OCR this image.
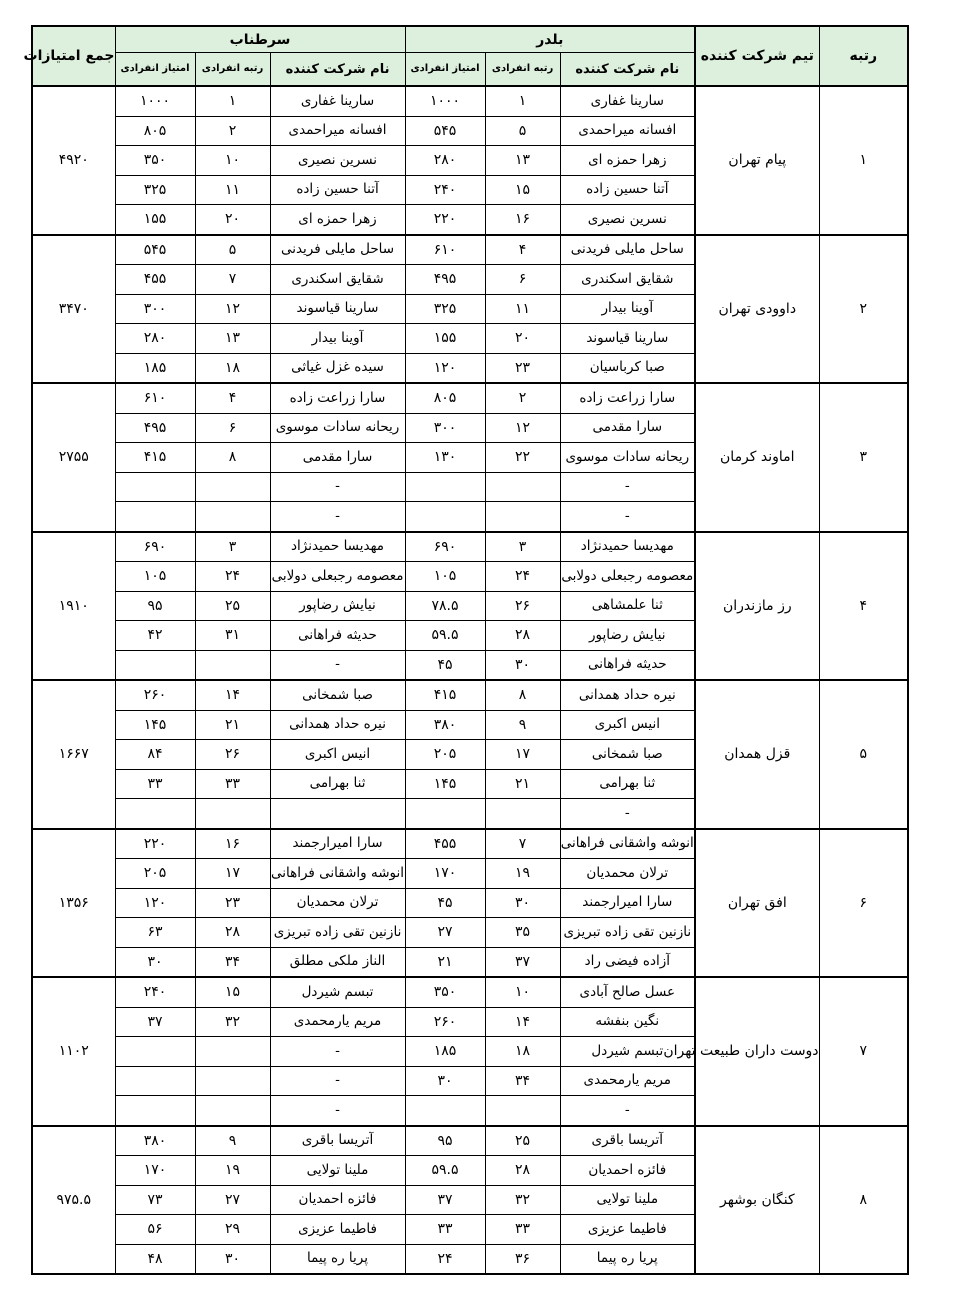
رتبه	تیم شرکت کننده	بلدر			سرطناب			جمع امتیازات
		نام شرکت کننده	رتبه انفرادی	امتیاز انفرادی	نام شرکت کننده	رتبه انفرادی	امتیاز انفرادی	
۱	پیام تهران	سارینا غفاری	۱	۱۰۰۰	سارینا غفاری	۱	۱۰۰۰	۴۹۲۰
		افسانه میراحمدی	۵	۵۴۵	افسانه میراحمدی	۲	۸۰۵	
		زهرا حمزه ای	۱۳	۲۸۰	نسرین نصیری	۱۰	۳۵۰	
		آتنا حسین زاده	۱۵	۲۴۰	آتنا حسین زاده	۱۱	۳۲۵	
		نسرین نصیری	۱۶	۲۲۰	زهرا حمزه ای	۲۰	۱۵۵	
۲	داوودی تهران	ساحل مایلی فریدنی	۴	۶۱۰	ساحل مایلی فریدنی	۵	۵۴۵	۳۴۷۰
		شقایق اسکندری	۶	۴۹۵	شقایق اسکندری	۷	۴۵۵	
		آوینا بیدار	۱۱	۳۲۵	سارینا قیاسوند	۱۲	۳۰۰	
		سارینا قیاسوند	۲۰	۱۵۵	آوینا بیدار	۱۳	۲۸۰	
		صبا کرباسیان	۲۳	۱۲۰	سیده غزل غیاثی	۱۸	۱۸۵	
۳	اماوند کرمان	سارا زراعت زاده	۲	۸۰۵	سارا زراعت زاده	۴	۶۱۰	۲۷۵۵
		سارا مقدمی	۱۲	۳۰۰	ریحانه سادات موسوی	۶	۴۹۵	
		ریحانه سادات موسوی	۲۲	۱۳۰	سارا مقدمی	۸	۴۱۵	
		-			-			
		-			-			
۴	رز مازندران	مهدیسا حمیدنژاد	۳	۶۹۰	مهدیسا حمیدنژاد	۳	۶۹۰	۱۹۱۰
		معصومه رجبعلی دولابی	۲۴	۱۰۵	معصومه رجبعلی دولابی	۲۴	۱۰۵	
		ثنا علمشاهی	۲۶	۷۸.۵	نیایش رضاپور	۲۵	۹۵	
		نیایش رضاپور	۲۸	۵۹.۵	حدیثه فراهانی	۳۱	۴۲	
		حدیثه فراهانی	۳۰	۴۵	-			
۵	قزل همدان	نیره حداد همدانی	۸	۴۱۵	صبا شمخانی	۱۴	۲۶۰	۱۶۶۷
		انیس اکبری	۹	۳۸۰	نیره حداد همدانی	۲۱	۱۴۵	
		صبا شمخانی	۱۷	۲۰۵	انیس اکبری	۲۶	۸۴	
		ثنا بهرامی	۲۱	۱۴۵	ثنا بهرامی	۳۳	۳۳	
		-						
۶	افق تهران	انوشه واشقانی فراهانی	۷	۴۵۵	سارا امیرارجمند	۱۶	۲۲۰	۱۳۵۶
		ترلان محمدیان	۱۹	۱۷۰	انوشه واشقانی فراهانی	۱۷	۲۰۵	
		سارا امیرارجمند	۳۰	۴۵	ترلان محمدیان	۲۳	۱۲۰	
		نازنین تقی زاده تبریزی	۳۵	۲۷	نازنین تقی زاده تبریزی	۲۸	۶۳	
		آزاده فیضی راد	۳۷	۲۱	الناز ملکی مطلق	۳۴	۳۰	
۷	دوست داران طبیعت تهران	عسل صالح آبادی	۱۰	۳۵۰	تبسم شیردل	۱۵	۲۴۰	۱۱۰۲
		نگین بنفشه	۱۴	۲۶۰	مریم یارمحمدی	۳۲	۳۷	
		تبسم شیردل	۱۸	۱۸۵	-			
		مریم یارمحمدی	۳۴	۳۰	-			
		-			-			
۸	کنگان بوشهر	آتریسا باقری	۲۵	۹۵	آتریسا باقری	۹	۳۸۰	۹۷۵.۵
		فائزه احمدیان	۲۸	۵۹.۵	ملینا تولایی	۱۹	۱۷۰	
		ملینا تولایی	۳۲	۳۷	فائزه احمدیان	۲۷	۷۳	
		فاطیما عزیزی	۳۳	۳۳	فاطیما عزیزی	۲۹	۵۶	
		پریا ره پیما	۳۶	۲۴	پریا ره پیما	۳۰	۴۸	
